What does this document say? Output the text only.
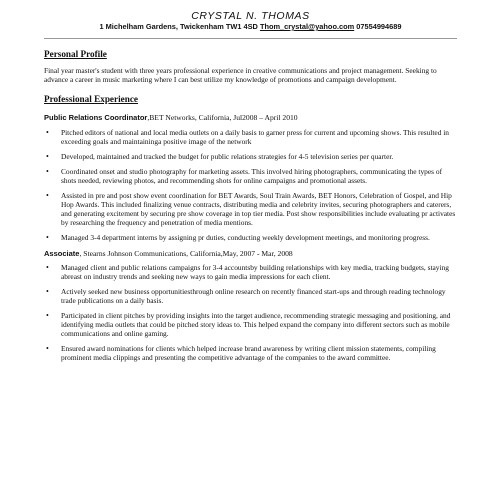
CRYSTAL N. THOMAS
1 Michelham Gardens, Twickenham TW1 4SD Thom_crystal@yahoo.com 07554994689
Personal Profile
Final year master's student with three years professional experience in creative communications and project management. Seeking to advance a career in music marketing where I can best utilize my knowledge of promotions and campaign development.
Professional Experience
Public Relations Coordinator,BET Networks, California, Jul2008 – April 2010
• Pitched editors of national and local media outlets on a daily basis to garner press for current and upcoming shows. This resulted in exceeding goals and maintaininga positive image of the network
• Developed, maintained and tracked the budget for public relations strategies for 4-5 television series per quarter.
• Coordinated onset and studio photography for marketing assets. This involved hiring photographers, communicating the types of shots needed, reviewing photos, and recommending shots for online campaigns and promotional assets.
• Assisted in pre and post show event coordination for BET Awards, Soul Train Awards, BET Honors, Celebration of Gospel, and Hip Hop Awards. This included finalizing venue contracts, distributing media and celebrity invites, securing photographers and caterers, and generating excitement by securing pre show coverage in top tier media. Post show responsibilities include evaluating pr activates by researching the frequency and penetration of media mentions.
• Managed 3-4 department interns by assigning pr duties, conducting weekly development meetings, and monitoring progress.
Associate, Stearns Johnson Communications, California,May, 2007 - Mar, 2008
• Managed client and public relations campaigns for 3-4 accountsby building relationships with key media, tracking budgets, staying abreast on industry trends and seeking new ways to gain media impressions for each client.
• Actively seeked new business opportunitiesthrough online research on recently financed start-ups and through reading technology trade publications on a daily basis.
• Participated in client pitches by providing insights into the target audience, recommending strategic messaging and positioning, and identifying media outlets that could be pitched story ideas to. This helped expand the company into different sectors such as mobile communications and online gaming.
• Ensured award nominations for clients which helped increase brand awareness by writing client mission statements, compiling prominent media clippings and presenting the competitive advantage of the companies to the award committee.
